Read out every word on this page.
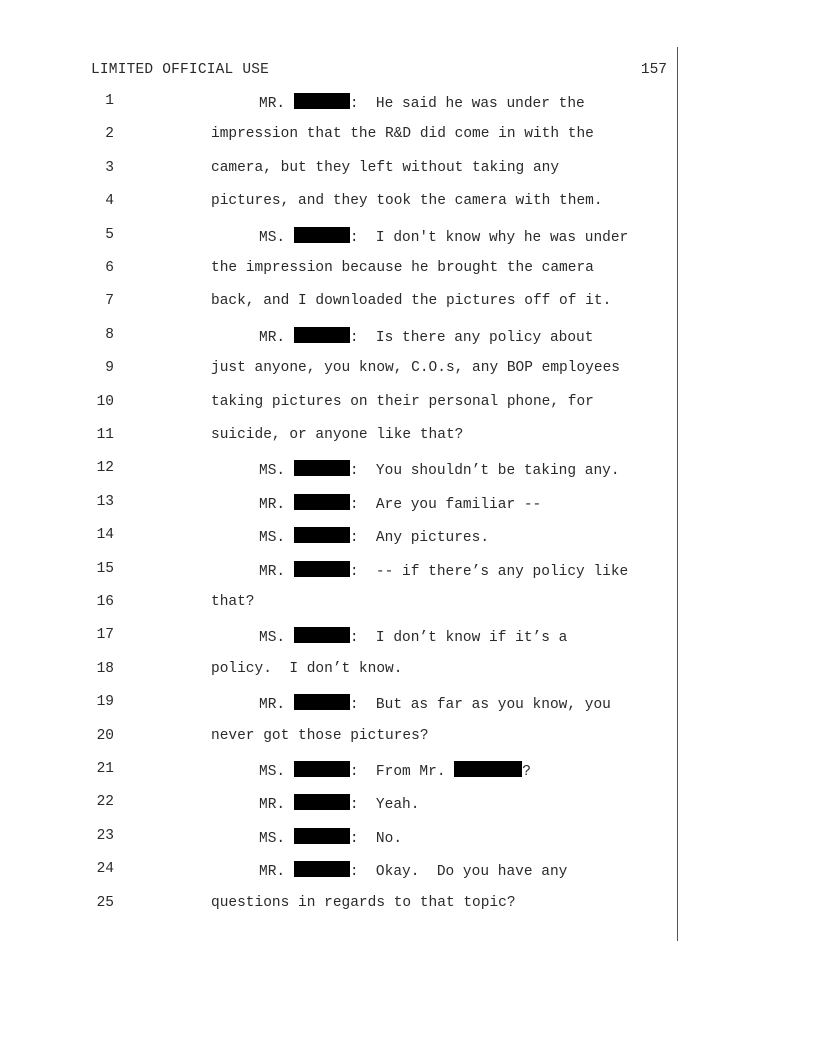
LIMITED OFFICIAL USE	157
1	MR.	:  He said he was under the
2	impression that the R&D did come in with the
3	camera, but they left without taking any
4	pictures, and they took the camera with them.
5	MS.	:  I don't know why he was under
6	the impression because he brought the camera
7	back, and I downloaded the pictures off of it.
8	MR.	:  Is there any policy about
9	just anyone, you know, C.O.s, any BOP employees
10	taking pictures on their personal phone, for
11	suicide, or anyone like that?
12	MS.	:  You shouldn’t be taking any.
13	MR.	:  Are you familiar --
14	MS.	:  Any pictures.
15	MR.	:  -- if there’s any policy like
16	that?
17	MS.	:  I don’t know if it’s a
18	policy.  I don’t know.
19	MR.	:  But as far as you know, you
20	never got those pictures?
21	MS.	:  From Mr.	?
22	MR.	:  Yeah.
23	MS.	:  No.
24	MR.	:  Okay.  Do you have any
25	questions in regards to that topic?
